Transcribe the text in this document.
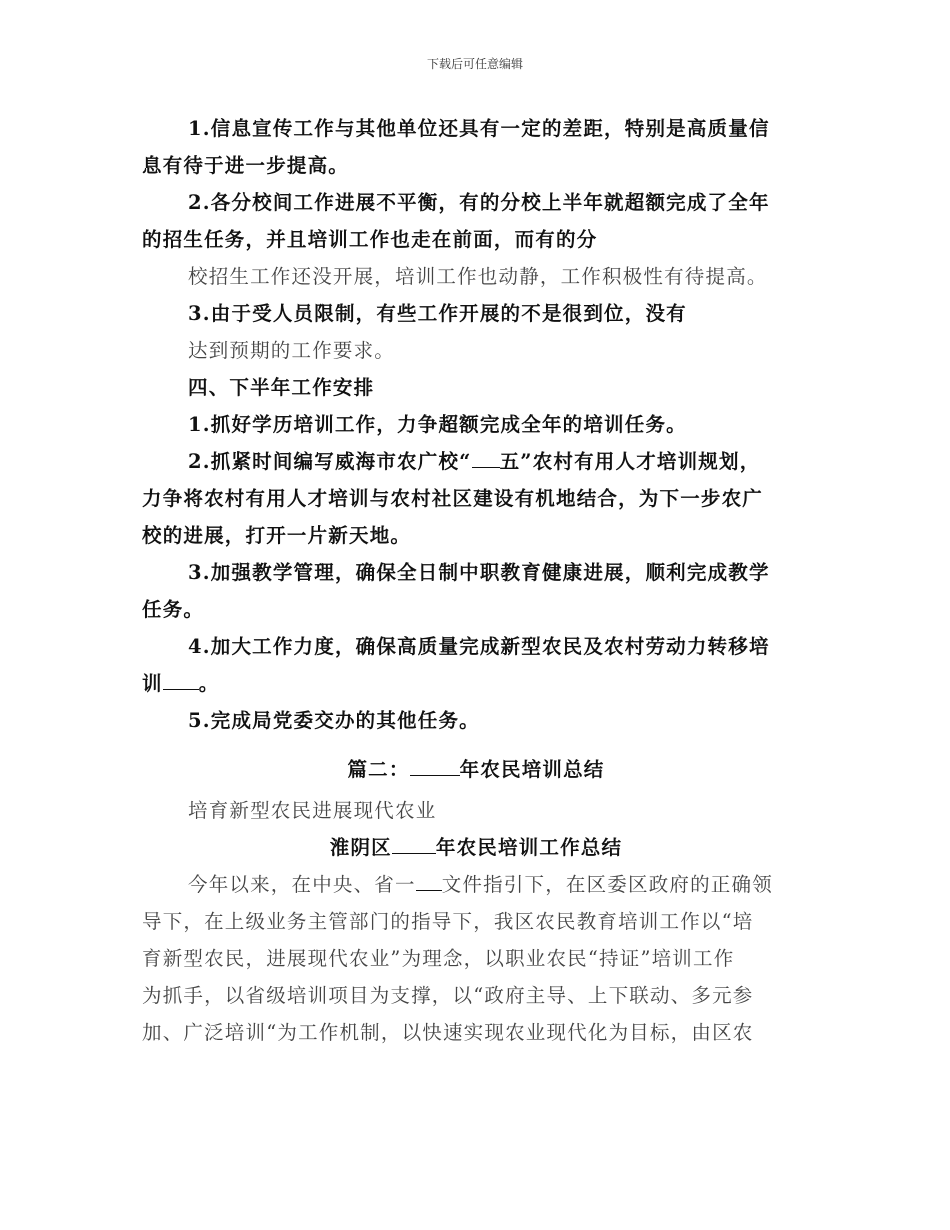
下载后可任意编辑

1.信息宣传工作与其他单位还具有一定的差距，特别是高质量信

息有待于进一步提高。

2.各分校间工作进展不平衡，有的分校上半年就超额完成了全年

的招生任务，并且培训工作也走在前面，而有的分

校招生工作还没开展，培训工作也动静，工作积极性有待提高。

3.由于受人员限制，有些工作开展的不是很到位，没有

达到预期的工作要求。

四、下半年工作安排

1.抓好学历培训工作，力争超额完成全年的培训任务。

2.抓紧时间编写威海市农广校“ 五”农村有用人才培训规划，

力争将农村有用人才培训与农村社区建设有机地结合，为下一步农广

校的进展，打开一片新天地。

3.加强教学管理，确保全日制中职教育健康进展，顺利完成教学

任务。

4.加大工作力度，确保高质量完成新型农民及农村劳动力转移培

训 。

5.完成局党委交办的其他任务。

篇二：	年农民培训总结

培育新型农民进展现代农业

淮阴区 年农民培训工作总结

今年以来，在中央、省一 文件指引下，在区委区政府的正确领

导下，在上级业务主管部门的指导下，我区农民教育培训工作以“培

育新型农民，进展现代农业”为理念，以职业农民“持证”培训工作

为抓手，以省级培训项目为支撑，以“政府主导、上下联动、多元参

加、广泛培训“为工作机制，以快速实现农业现代化为目标，由区农
